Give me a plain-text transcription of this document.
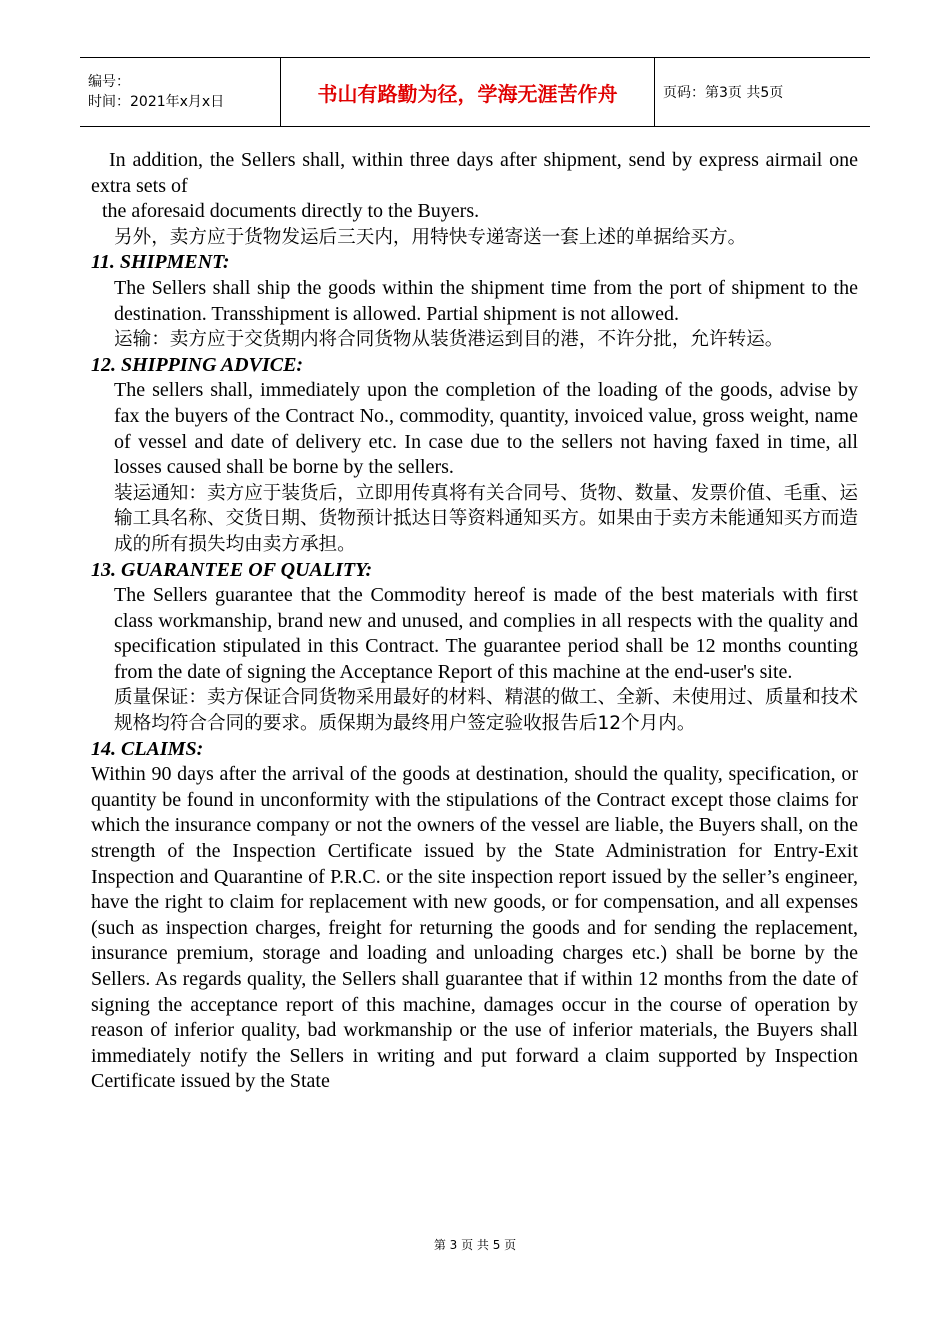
编号：
时间：2021年x月x日	书山有路勤为径，学海无涯苦作舟	页码：第3页 共5页

In addition, the Sellers shall, within three days after shipment, send by express airmail one extra sets of

the aforesaid documents directly to the Buyers.

另外，卖方应于货物发运后三天内，用特快专递寄送一套上述的单据给买方。

11. SHIPMENT:

The Sellers shall ship the goods within the shipment time from the port of shipment to the destination. Transshipment is allowed. Partial shipment is not allowed.

运输：卖方应于交货期内将合同货物从装货港运到目的港，不许分批，允许转运。

12. SHIPPING ADVICE:

The sellers shall, immediately upon the completion of the loading of the goods, advise by fax the buyers of the Contract No., commodity, quantity, invoiced value, gross weight, name of vessel and date of delivery etc. In case due to the sellers not having faxed in time, all losses caused shall be borne by the sellers.

装运通知：卖方应于装货后，立即用传真将有关合同号、货物、数量、发票价值、毛重、运输工具名称、交货日期、货物预计抵达日等资料通知买方。如果由于卖方未能通知买方而造成的所有损失均由卖方承担。

13. GUARANTEE OF QUALITY:

The Sellers guarantee that the Commodity hereof is made of the best materials with first class workmanship, brand new and unused, and complies in all respects with the quality and specification stipulated in this Contract. The guarantee period shall be 12 months counting from the date of signing the Acceptance Report of this machine at the end-user's site.

质量保证：卖方保证合同货物采用最好的材料、精湛的做工、全新、未使用过、质量和技术规格均符合合同的要求。质保期为最终用户签定验收报告后12个月内。

14. CLAIMS:

Within 90 days after the arrival of the goods at destination, should the quality, specification, or quantity be found in unconformity with the stipulations of the Contract except those claims for which the insurance company or not the owners of the vessel are liable, the Buyers shall, on the strength of the Inspection Certificate issued by the State Administration for Entry-Exit Inspection and Quarantine of P.R.C. or the site inspection report issued by the seller’s engineer, have the right to claim for replacement with new goods, or for compensation, and all expenses (such as inspection charges, freight for returning the goods and for sending the replacement, insurance premium, storage and loading and unloading charges etc.) shall be borne by the Sellers. As regards quality, the Sellers shall guarantee that if within 12 months from the date of signing the acceptance report of this machine, damages occur in the course of operation by reason of inferior quality, bad workmanship or the use of inferior materials, the Buyers shall immediately notify the Sellers in writing and put forward a claim supported by Inspection Certificate issued by the State

第 3 页 共 5 页
